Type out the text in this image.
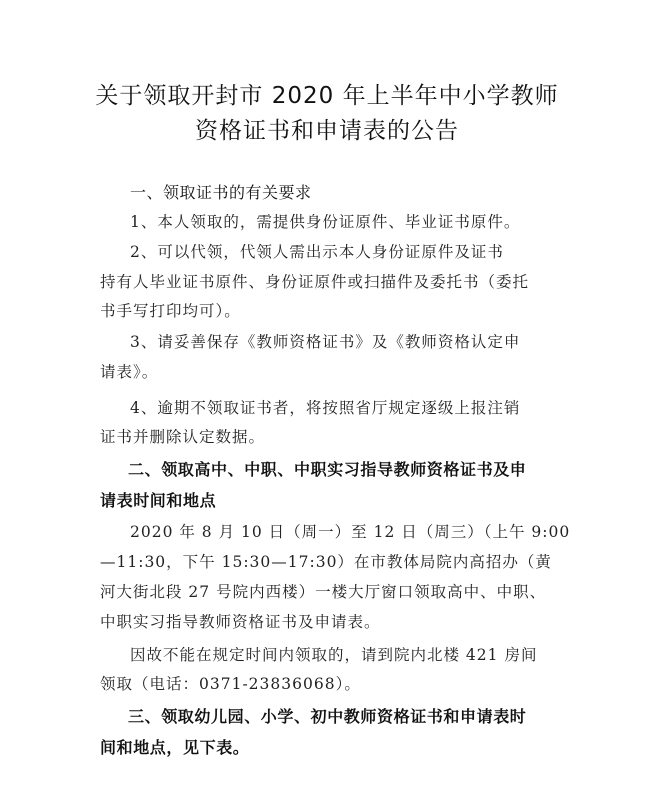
关于领取开封市 2020 年上半年中小学教师
资格证书和申请表的公告
一、领取证书的有关要求
1、本人领取的，需提供身份证原件、毕业证书原件。
2、可以代领，代领人需出示本人身份证原件及证书
持有人毕业证书原件、身份证原件或扫描件及委托书（委托
书手写打印均可）。
3、请妥善保存《教师资格证书》及《教师资格认定申
请表》。
4、逾期不领取证书者，将按照省厅规定逐级上报注销
证书并删除认定数据。
二、领取高中、中职、中职实习指导教师资格证书及申
请表时间和地点
2020 年 8 月 10 日（周一）至 12 日（周三）（上午 9:00
—11:30，下午 15:30—17:30）在市教体局院内高招办（黄
河大街北段 27 号院内西楼）一楼大厅窗口领取高中、中职、
中职实习指导教师资格证书及申请表。
因故不能在规定时间内领取的，请到院内北楼 421 房间
领取（电话：0371-23836068）。
三、领取幼儿园、小学、初中教师资格证书和申请表时
间和地点，见下表。
